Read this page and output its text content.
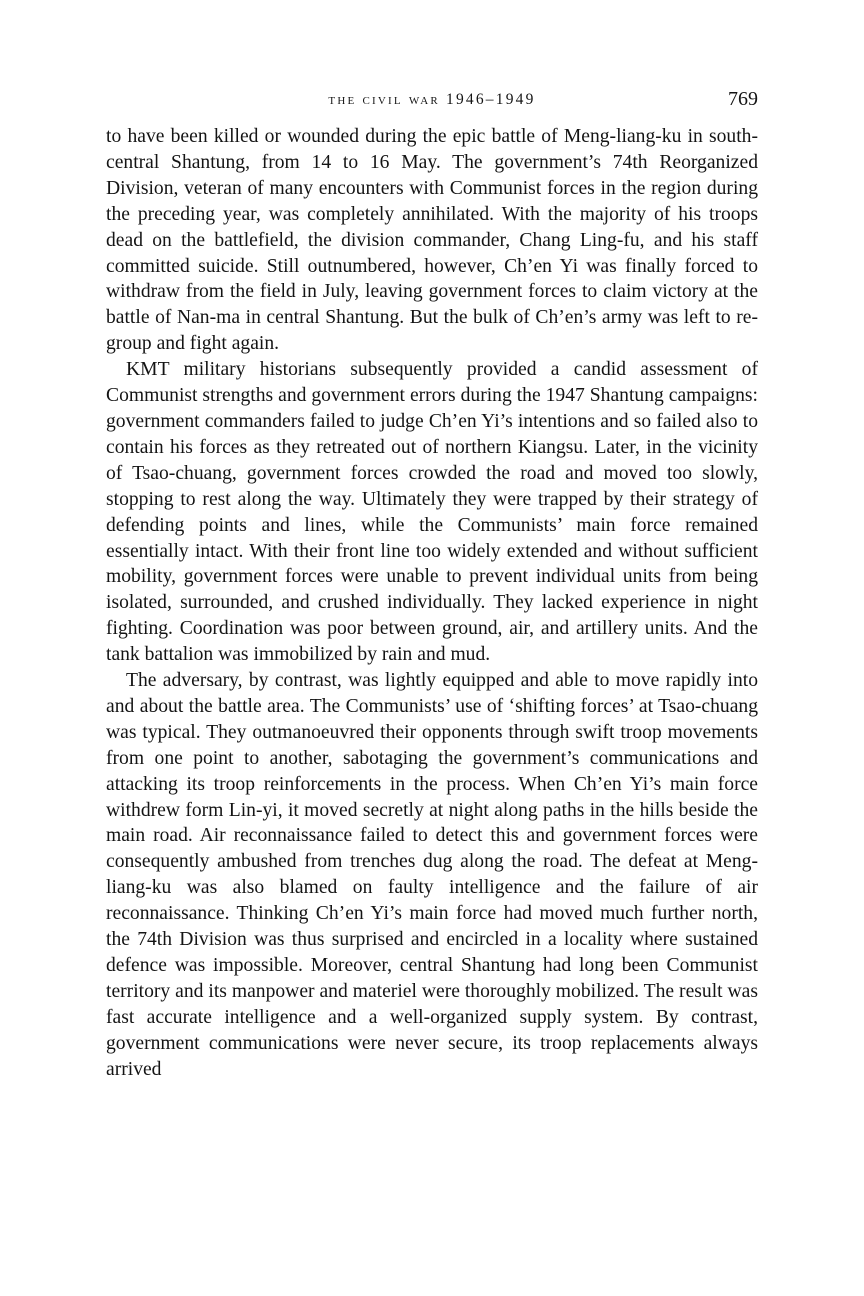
the civil war 1946–1949	769

to have been killed or wounded during the epic battle of Meng-liang-ku in south-central Shantung, from 14 to 16 May. The government’s 74th Reorganized Division, veteran of many encounters with Communist forces in the region during the preceding year, was completely annihilated. With the majority of his troops dead on the battlefield, the division commander, Chang Ling-fu, and his staff committed suicide. Still outnumbered, however, Ch’en Yi was finally forced to withdraw from the field in July, leaving government forces to claim victory at the battle of Nan-ma in central Shantung. But the bulk of Ch’en’s army was left to re-group and fight again.

KMT military historians subsequently provided a candid assessment of Communist strengths and government errors during the 1947 Shantung campaigns: government commanders failed to judge Ch’en Yi’s intentions and so failed also to contain his forces as they retreated out of northern Kiangsu. Later, in the vicinity of Tsao-chuang, government forces crowded the road and moved too slowly, stopping to rest along the way. Ultimately they were trapped by their strategy of defending points and lines, while the Communists’ main force remained essentially intact. With their front line too widely extended and without sufficient mobility, government forces were unable to prevent individual units from being isolated, surrounded, and crushed individually. They lacked experience in night fighting. Coordination was poor between ground, air, and artillery units. And the tank battalion was immobilized by rain and mud.

The adversary, by contrast, was lightly equipped and able to move rapidly into and about the battle area. The Communists’ use of ‘shifting forces’ at Tsao-chuang was typical. They outmanoeuvred their opponents through swift troop movements from one point to another, sabotaging the government’s communications and attacking its troop reinforcements in the process. When Ch’en Yi’s main force withdrew form Lin-yi, it moved secretly at night along paths in the hills beside the main road. Air reconnaissance failed to detect this and government forces were consequently ambushed from trenches dug along the road. The defeat at Meng-liang-ku was also blamed on faulty intelligence and the failure of air reconnaissance. Thinking Ch’en Yi’s main force had moved much further north, the 74th Division was thus surprised and encircled in a locality where sustained defence was impossible. Moreover, central Shantung had long been Communist territory and its manpower and materiel were thoroughly mobilized. The result was fast accurate intelligence and a well-organized supply system. By contrast, government communications were never secure, its troop replacements always arrived
